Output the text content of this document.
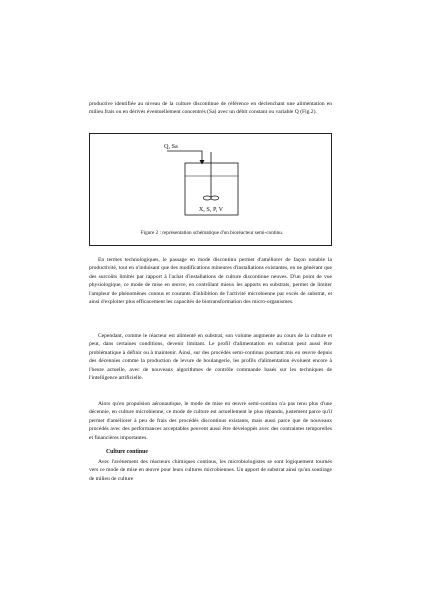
productive identifiée au niveau de la culture discontinue de référence en déclenchant une alimentation en milieu frais ou en dérivés éventuellement concentrés (Sa) avec un débit constant ou variable Q (Fig.2).

Q, Sa
X, S, P, V

Figure 2 : représentation schématique d'un bioréacteur semi-continu.

En termes technologiques, le passage en mode discontinu permet d'améliorer de façon notable la productivité, tout en n'induisant que des modifications mineures d'installations existantes, en ne générant que des surcoûts limités par rapport à l'achat d'installations de culture discontinue neuves. D'un point de vue physiologique, ce mode de mise en œuvre, en contrôlant mieux les apports en substrats, permet de limiter l'ampleur de phénomènes connus et courants d'inhibition de l'activité microbienne par excès de substrat, et ainsi d'exploiter plus efficacement les capacités de biotransformation des micro-organismes.

Cependant, comme le réacteur est alimenté en substrat, son volume augmente au cours de la culture et peut, dans certaines conditions, devenir limitant. Le profil d'alimentation en substrat peut aussi être problématique à définir ou à maintenir. Ainsi, sur des procédés semi-continus pourtant mis en œuvre depuis des décennies comme la production de levure de boulangerie, les profils d'alimentation évoluent encore à l'heure actuelle, avec de nouveaux algorithmes de contrôle commande basés sur les techniques de l'intelligence artificielle.

Alors qu'en propulsion aéronautique, le mode de mise en œuvre semi-continu n'a pas tenu plus d'une décennie, en culture microbienne, ce mode de culture est actuellement le plus répandu, justement parce qu'il permet d'améliorer à peu de frais des procédés discontinus existants, mais aussi parce que de nouveaux procédés avec des performances acceptables peuvent aussi être développés avec des contraintes temporelles et financières importantes.

Culture continue

Avec l'avènement des réacteurs chimiques continus, les microbiologistes se sont logiquement tournés vers ce mode de mise en œuvre pour leurs cultures microbiennes. Un apport de substrat ainsi qu'un soutirage de milieu de culture
